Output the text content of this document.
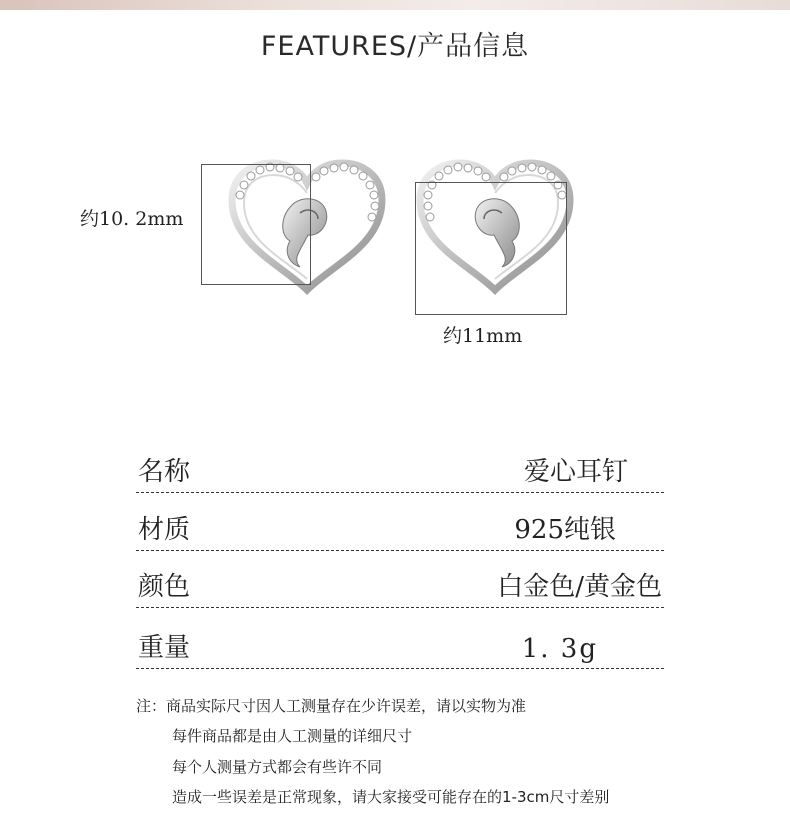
FEATURES/产品信息
约10. 2mm
约11mm
名称	爱心耳钉
材质	925纯银
颜色	白金色/黄金色
重量	1. 3g
注：商品实际尺寸因人工测量存在少许误差，请以实物为准
每件商品都是由人工测量的详细尺寸
每个人测量方式都会有些许不同
造成一些误差是正常现象，请大家接受可能存在的1-3cm尺寸差别
